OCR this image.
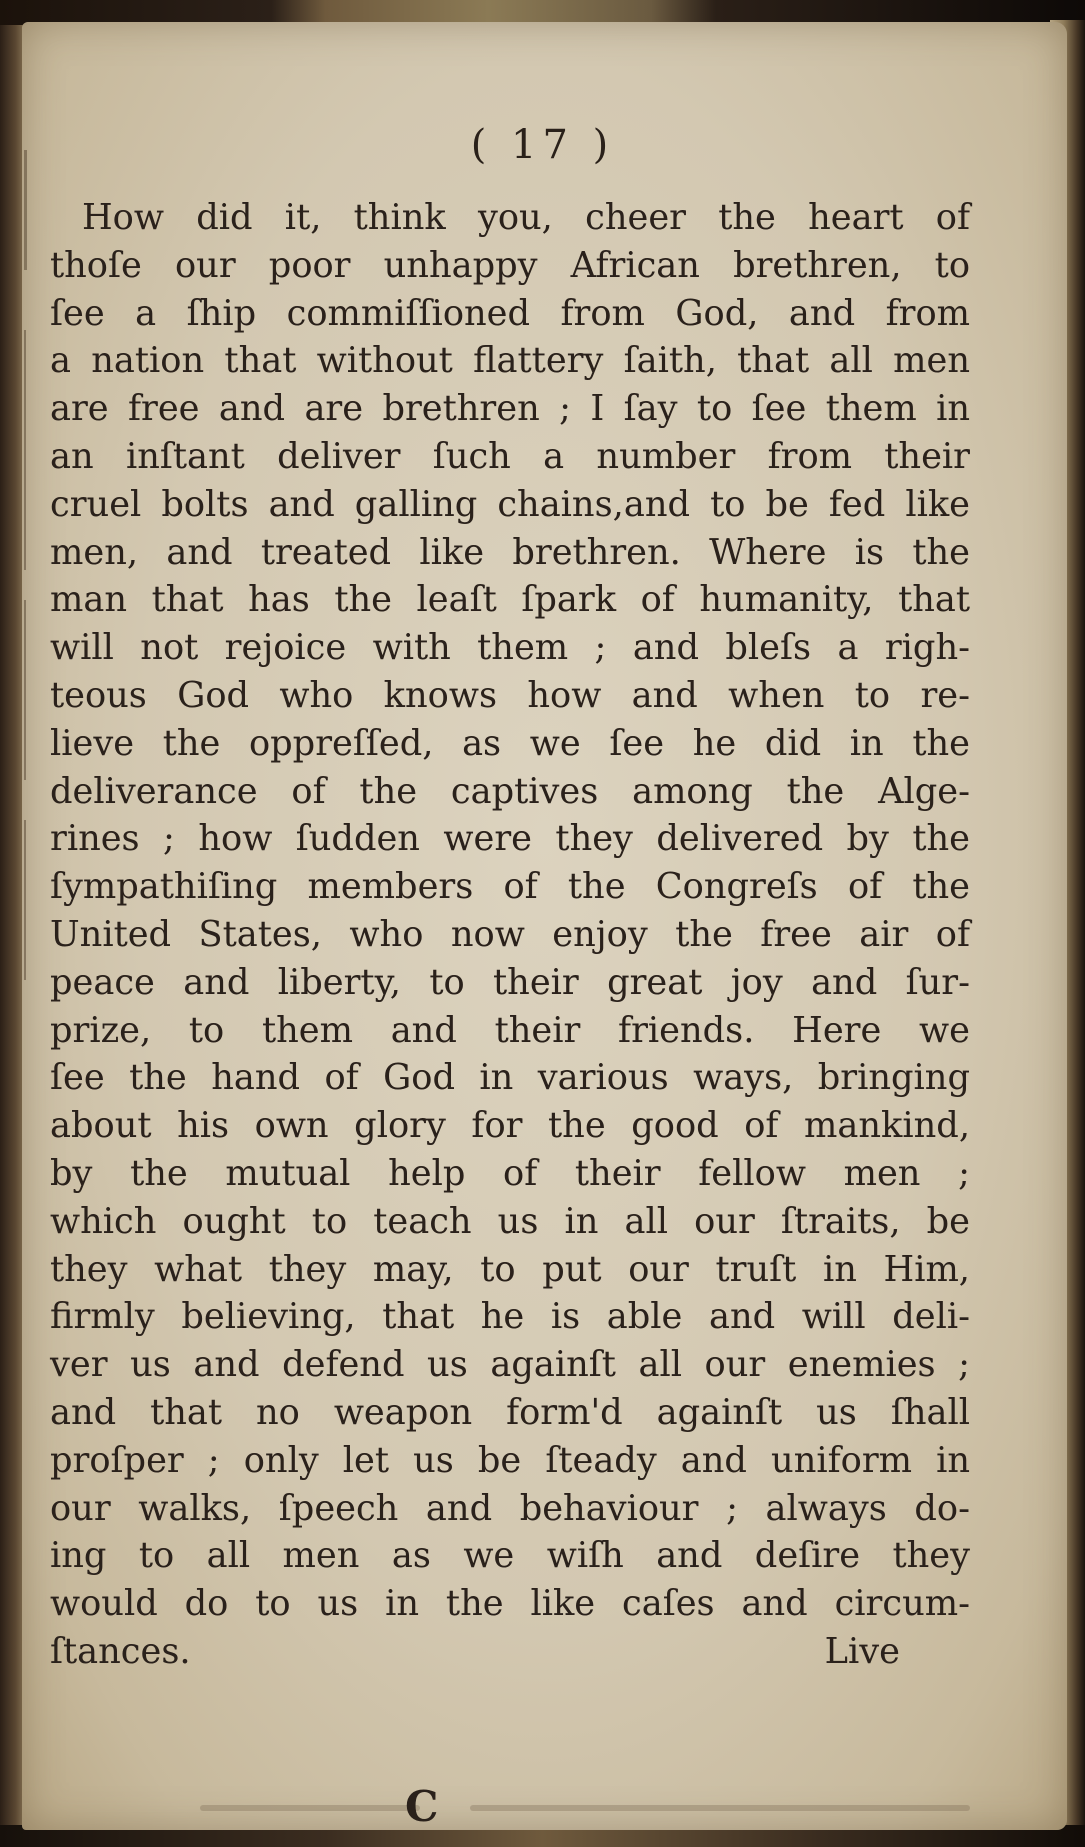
( 17 )
How did it, think you, cheer the heart of
thoſe our poor unhappy African brethren, to
ſee a ſhip commiſſioned from God, and from
a nation that without flattery ſaith, that all men
are free and are brethren ; I ſay to ſee them in
an inſtant deliver ſuch a number from their
cruel bolts and galling chains,and to be fed like
men, and treated like brethren. Where is the
man that has the leaſt ſpark of humanity, that
will not rejoice with them ; and bleſs a righ-
teous God who knows how and when to re-
lieve the oppreſſed, as we ſee he did in the
deliverance of the captives among the Alge-
rines ; how ſudden were they delivered by the
ſympathiſing members of the Congreſs of the
United States, who now enjoy the free air of
peace and liberty, to their great joy and ſur-
prize, to them and their friends. Here we
ſee the hand of God in various ways, bringing
about his own glory for the good of mankind,
by the mutual help of their fellow men ;
which ought to teach us in all our ſtraits, be
they what they may, to put our truſt in Him,
firmly believing, that he is able and will deli-
ver us and defend us againſt all our enemies ;
and that no weapon form'd againſt us ſhall
proſper ; only let us be ſteady and uniform in
our walks, ſpeech and behaviour ; always do-
ing to all men as we wiſh and deſire they
would do to us in the like caſes and circum-
ſtances.	Live
C
